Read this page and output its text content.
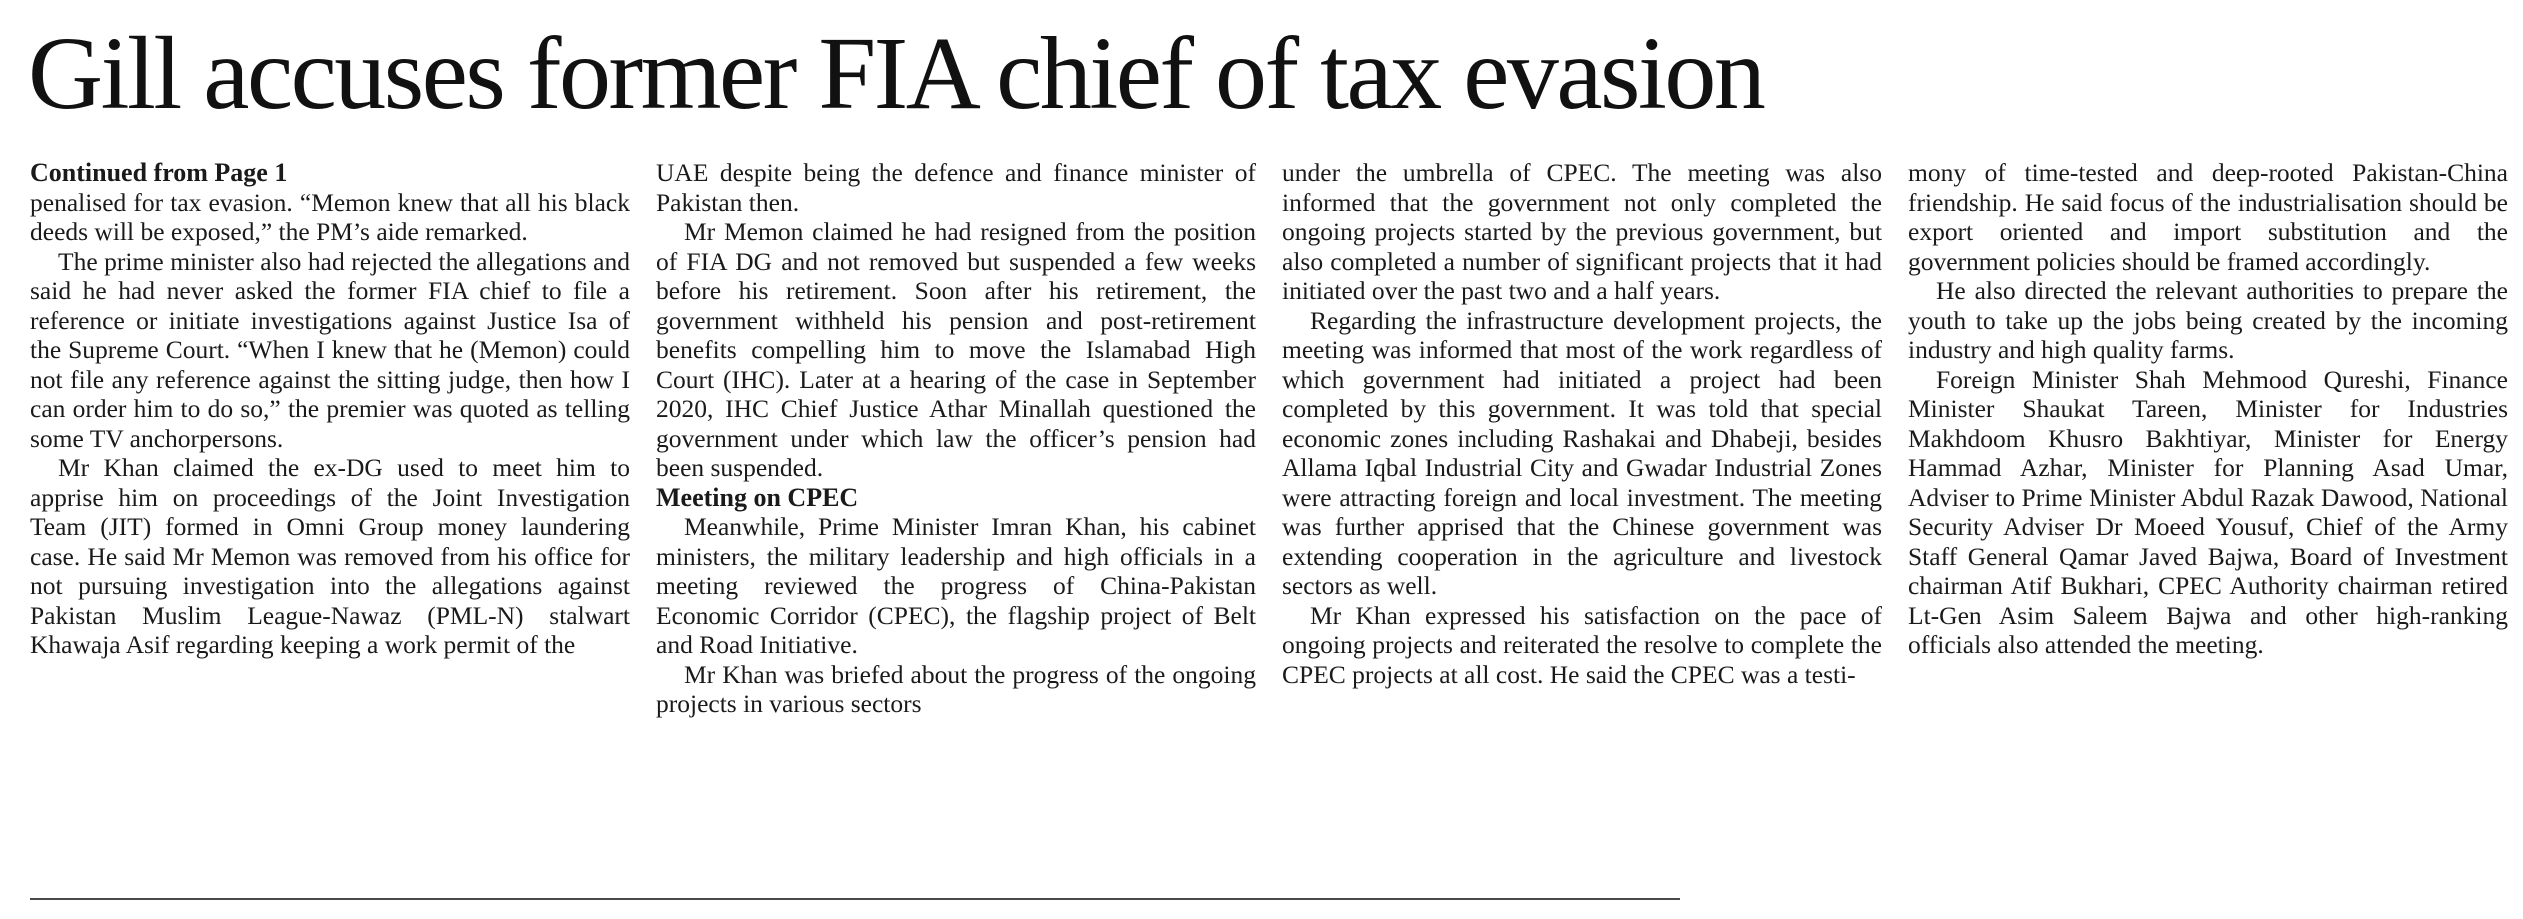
Gill accuses former FIA chief of tax evasion

Continued from Page 1

penalised for tax evasion. “Memon knew that all his black deeds will be exposed,” the PM’s aide remarked.

The prime minister also had rejected the allegations and said he had never asked the former FIA chief to file a reference or initiate investigations against Justice Isa of the Supreme Court. “When I knew that he (Memon) could not file any reference against the sitting judge, then how I can order him to do so,” the premier was quoted as telling some TV anchorpersons.

Mr Khan claimed the ex-DG used to meet him to apprise him on proceedings of the Joint Investigation Team (JIT) formed in Omni Group money laundering case. He said Mr Memon was removed from his office for not pursuing investigation into the allegations against Pakistan Muslim League-Nawaz (PML-N) stalwart Khawaja Asif regarding keeping a work permit of the

UAE despite being the defence and finance minister of Pakistan then.

Mr Memon claimed he had resigned from the position of FIA DG and not removed but suspended a few weeks before his retirement. Soon after his retirement, the government withheld his pension and post-retirement benefits compelling him to move the Islamabad High Court (IHC). Later at a hearing of the case in September 2020, IHC Chief Justice Athar Minallah questioned the government under which law the officer’s pension had been suspended.

Meeting on CPEC

Meanwhile, Prime Minister Imran Khan, his cabinet ministers, the military leadership and high officials in a meeting reviewed the progress of China-Pakistan Economic Corridor (CPEC), the flagship project of Belt and Road Initiative.

Mr Khan was briefed about the progress of the ongoing projects in various sectors

under the umbrella of CPEC. The meeting was also informed that the government not only completed the ongoing projects started by the previous government, but also completed a number of significant projects that it had initiated over the past two and a half years.

Regarding the infrastructure development projects, the meeting was informed that most of the work regardless of which government had initiated a project had been completed by this government. It was told that special economic zones including Rashakai and Dhabeji, besides Allama Iqbal Industrial City and Gwadar Industrial Zones were attracting foreign and local investment. The meeting was further apprised that the Chinese government was extending cooperation in the agriculture and livestock sectors as well.

Mr Khan expressed his satisfaction on the pace of ongoing projects and reiterated the resolve to complete the CPEC projects at all cost. He said the CPEC was a testi-

mony of time-tested and deep-rooted Pakistan-China friendship. He said focus of the industrialisation should be export oriented and import substitution and the government policies should be framed accordingly.

He also directed the relevant authorities to prepare the youth to take up the jobs being created by the incoming industry and high quality farms.

Foreign Minister Shah Mehmood Qureshi, Finance Minister Shaukat Tareen, Minister for Industries Makhdoom Khusro Bakhtiyar, Minister for Energy Hammad Azhar, Minister for Planning Asad Umar, Adviser to Prime Minister Abdul Razak Dawood, National Security Adviser Dr Moeed Yousuf, Chief of the Army Staff General Qamar Javed Bajwa, Board of Investment chairman Atif Bukhari, CPEC Authority chairman retired Lt-Gen Asim Saleem Bajwa and other high-ranking officials also attended the meeting.
